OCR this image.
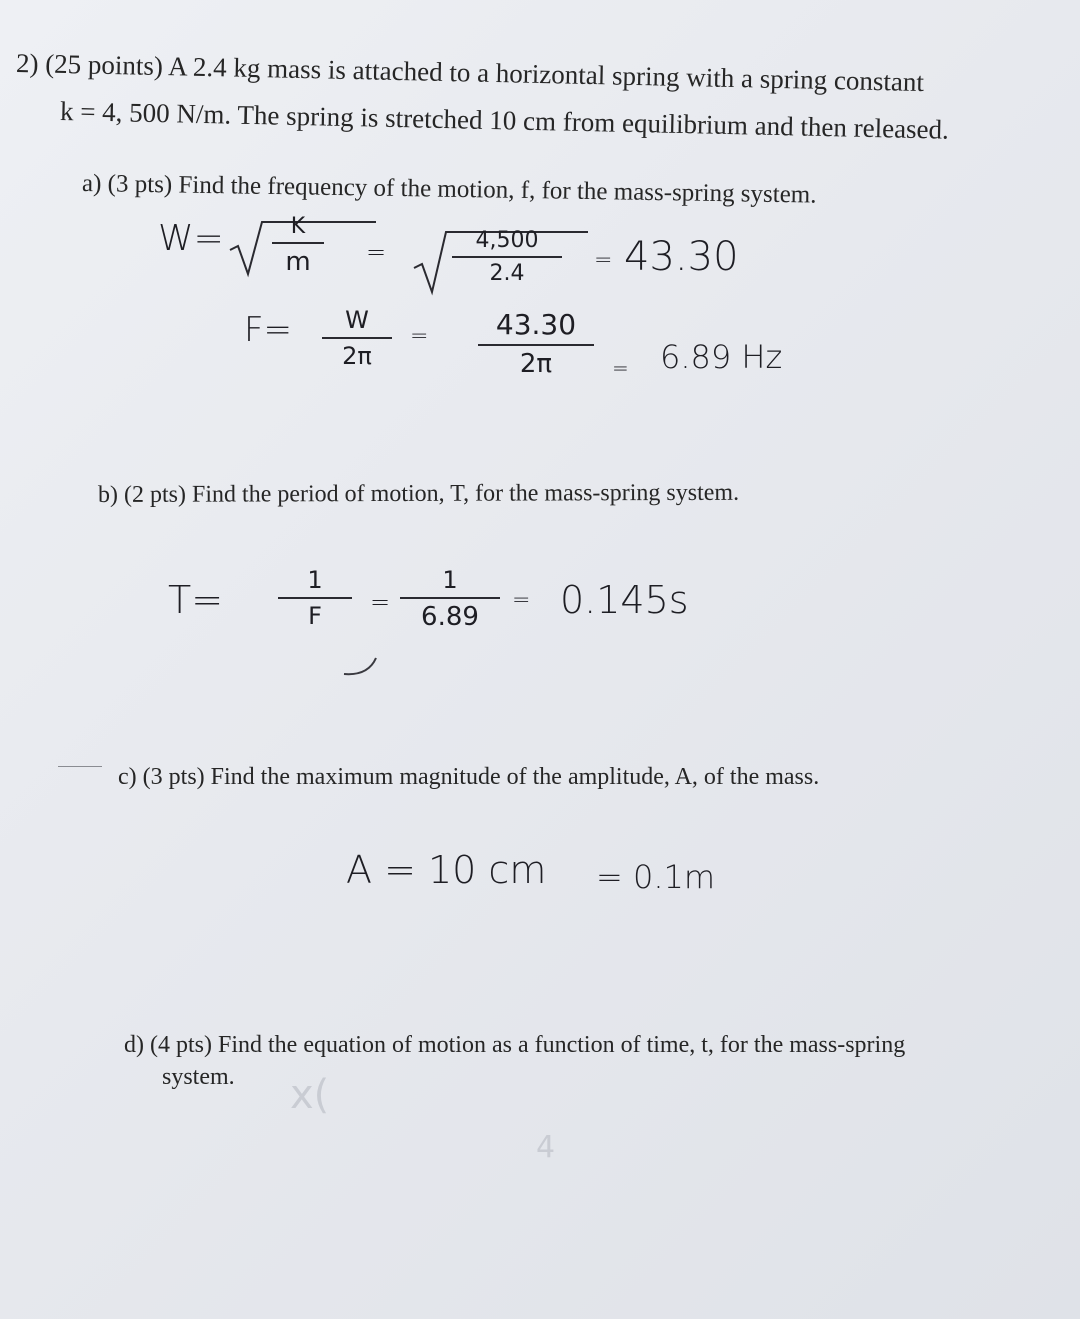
2) (25 points) A 2.4 kg mass is attached to a horizontal spring with a spring constant
k = 4, 500 N/m. The spring is stretched 10 cm from equilibrium and then released.
a) (3 pts) Find the frequency of the motion, f, for the mass-spring system.
W=	K
m	=	4,500
2.4
= 43.30
F=	W
2π
=	43.30
2π	= 6.89 Hz
b) (2 pts) Find the period of motion, T, for the mass-spring system.
T=	1
F	=
1
6.89
= 0.145s
c) (3 pts) Find the maximum magnitude of the amplitude, A, of the mass.
A = 10 cm = 0.1m
x(
4
d) (4 pts) Find the equation of motion as a function of time, t, for the mass-spring
system.
